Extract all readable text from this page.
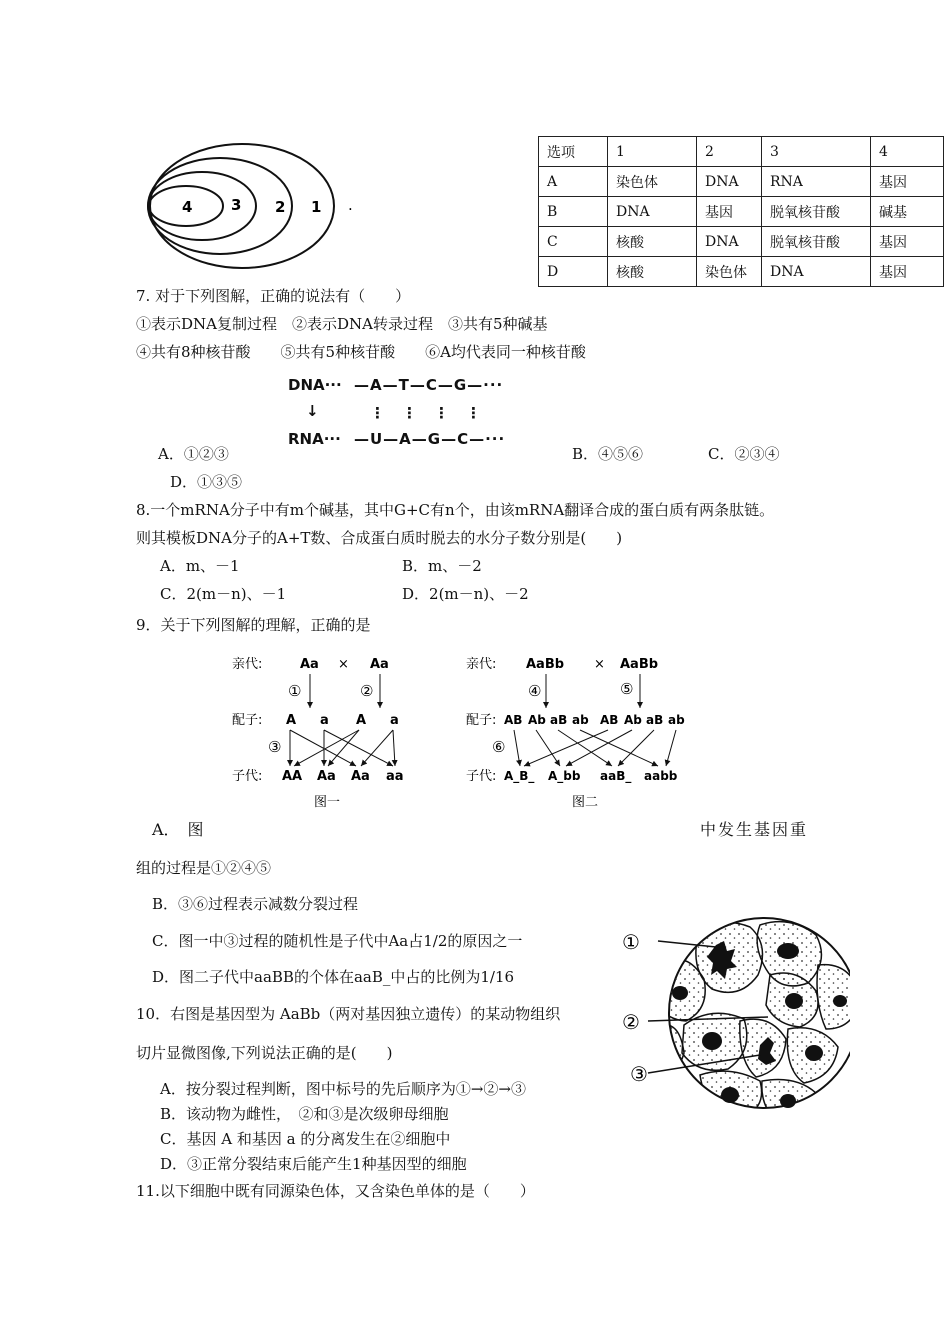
4	3 2 1 .
选项	1	2	3	4
A	染色体	DNA	RNA	基因
B	DNA	基因	脱氧核苷酸	碱基
C	核酸	DNA	脱氧核苷酸	基因
D	核酸	染色体	DNA	基因
7. 对于下列图解，正确的说法有（　　）
①表示DNA复制过程　②表示DNA转录过程　③共有5种碱基
④共有8种核苷酸　　⑤共有5种核苷酸　　⑥A均代表同一种核苷酸
DNA··· —A—T—C—G—···
↓	⋮　⋮　⋮　⋮
RNA··· —U—A—G—C—···
A．①②③	B．④⑤⑥	C．②③④
D．①③⑤
8.一个mRNA分子中有m个碱基，其中G+C有n个，由该mRNA翻译合成的蛋白质有两条肽链。
则其模板DNA分子的A+T数、合成蛋白质时脱去的水分子数分别是(　　)
A．m、－1	B．m、－2
C．2(m－n)、－1	D．2(m－n)、－2
9．关于下列图解的理解，正确的是
亲代:	Aa × Aa
①	②
配子: A a A a
③
子代: AA Aa Aa aa
图一
亲代: AaBb × AaBb
④	⑤
配子: AB Ab aB ab AB Ab aB ab
⑥
子代: A_B_ A_bb aaB_ aabb
图二
A．　图	中发生基因重
组的过程是①②④⑤
B．③⑥过程表示减数分裂过程
C．图一中③过程的随机性是子代中Aa占1/2的原因之一
D．图二子代中aaBB的个体在aaB_中占的比例为1/16
10．右图是基因型为 AaBb（两对基因独立遗传）的某动物组织
切片显微图像,下列说法正确的是(　　)
A．按分裂过程判断，图中标号的先后顺序为①→②→③
B．该动物为雌性，　②和③是次级卵母细胞
C．基因 A 和基因 a 的分离发生在②细胞中
D．③正常分裂结束后能产生1种基因型的细胞
①
②
③
11.以下细胞中既有同源染色体，又含染色单体的是（　　）
